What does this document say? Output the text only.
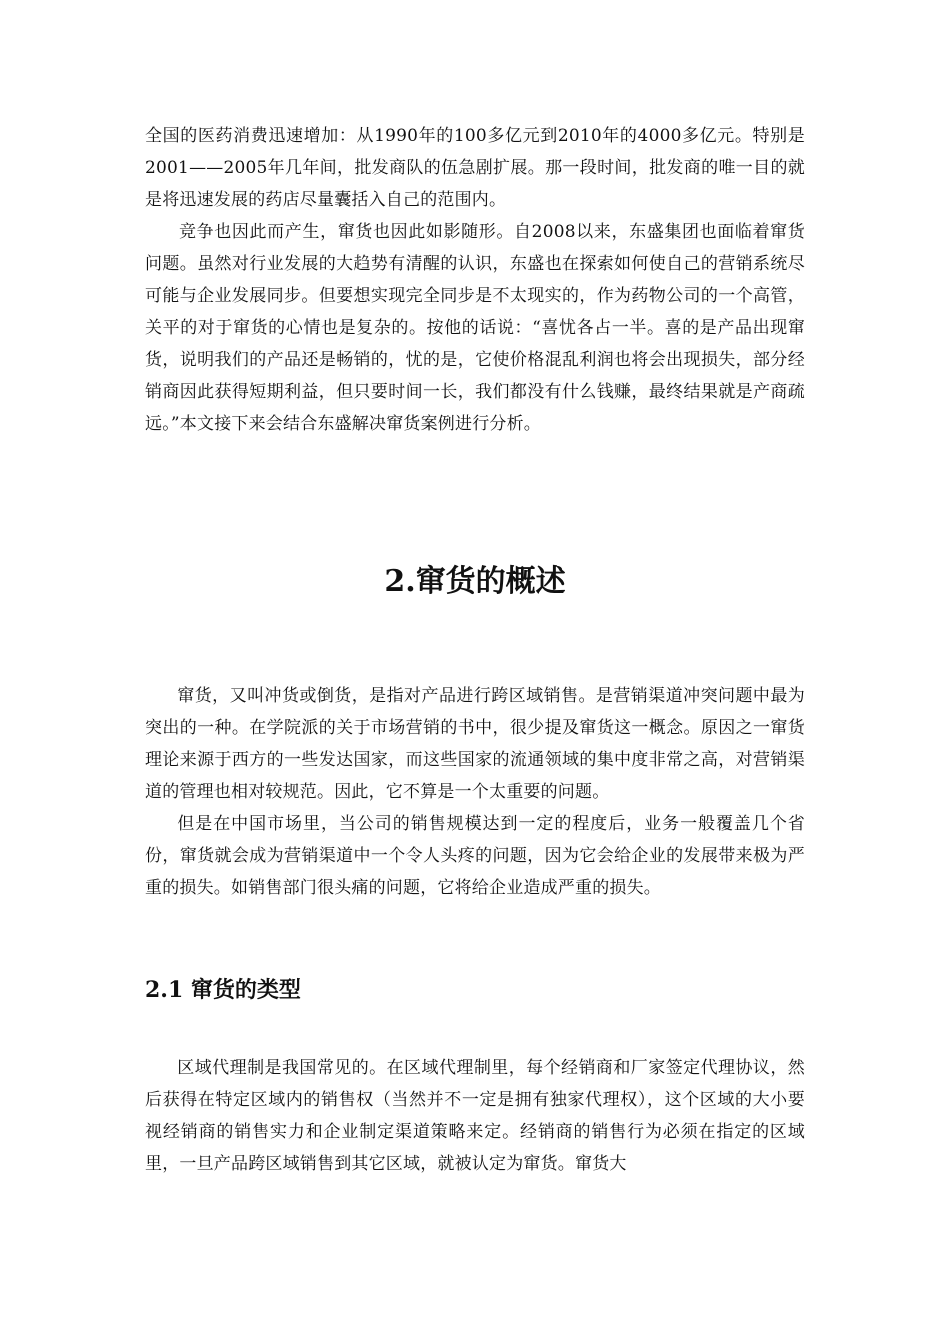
全国的医药消费迅速增加：从1990年的100多亿元到2010年的4000多亿元。特别是2001——2005年几年间，批发商队的伍急剧扩展。那一段时间，批发商的唯一目的就是将迅速发展的药店尽量囊括入自己的范围内。

竞争也因此而产生，窜货也因此如影随形。自2008以来，东盛集团也面临着窜货问题。虽然对行业发展的大趋势有清醒的认识，东盛也在探索如何使自己的营销系统尽可能与企业发展同步。但要想实现完全同步是不太现实的，作为药物公司的一个高管，关平的对于窜货的心情也是复杂的。按他的话说：“喜忧各占一半。喜的是产品出现窜货，说明我们的产品还是畅销的，忧的是，它使价格混乱利润也将会出现损失，部分经销商因此获得短期利益，但只要时间一长，我们都没有什么钱赚，最终结果就是产商疏远。”本文接下来会结合东盛解决窜货案例进行分析。

2.窜货的概述

窜货，又叫冲货或倒货，是指对产品进行跨区域销售。是营销渠道冲突问题中最为突出的一种。在学院派的关于市场营销的书中，很少提及窜货这一概念。原因之一窜货理论来源于西方的一些发达国家，而这些国家的流通领域的集中度非常之高，对营销渠道的管理也相对较规范。因此，它不算是一个太重要的问题。

但是在中国市场里，当公司的销售规模达到一定的程度后，业务一般覆盖几个省份，窜货就会成为营销渠道中一个令人头疼的问题，因为它会给企业的发展带来极为严重的损失。如销售部门很头痛的问题，它将给企业造成严重的损失。

2.1 窜货的类型

区域代理制是我国常见的。在区域代理制里，每个经销商和厂家签定代理协议，然后获得在特定区域内的销售权（当然并不一定是拥有独家代理权），这个区域的大小要视经销商的销售实力和企业制定渠道策略来定。经销商的销售行为必须在指定的区域里，一旦产品跨区域销售到其它区域，就被认定为窜货。窜货大
